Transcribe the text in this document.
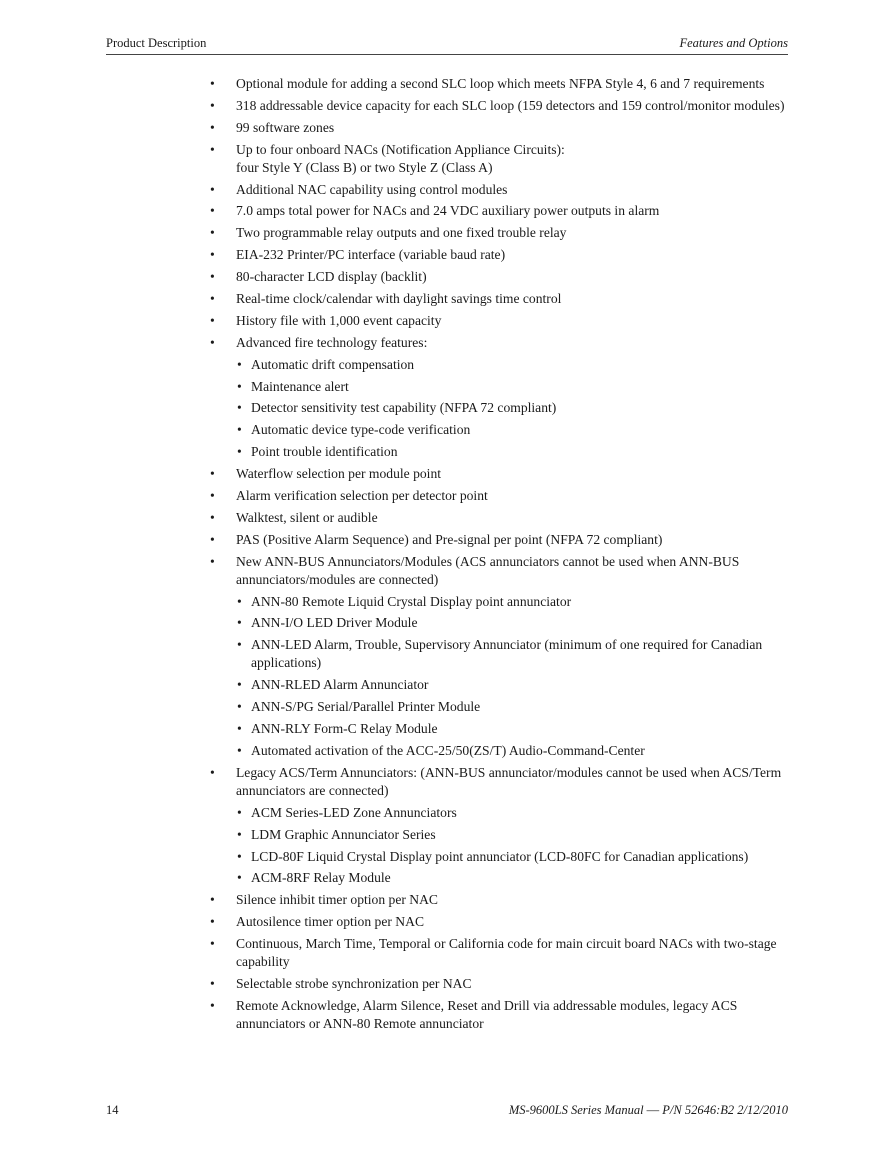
Product Description	Features and Options
• Optional module for adding a second SLC loop which meets NFPA Style 4, 6 and 7 requirements
• 318 addressable device capacity for each SLC loop (159 detectors and 159 control/monitor modules)
• 99 software zones
• Up to four onboard NACs (Notification Appliance Circuits):
four Style Y (Class B) or two Style Z (Class A)
• Additional NAC capability using control modules
• 7.0 amps total power for NACs and 24 VDC auxiliary power outputs in alarm
• Two programmable relay outputs and one fixed trouble relay
• EIA-232 Printer/PC interface (variable baud rate)
• 80-character LCD display (backlit)
• Real-time clock/calendar with daylight savings time control
• History file with 1,000 event capacity
• Advanced fire technology features:
• Automatic drift compensation
• Maintenance alert
• Detector sensitivity test capability (NFPA 72 compliant)
• Automatic device type-code verification
• Point trouble identification
• Waterflow selection per module point
• Alarm verification selection per detector point
• Walktest, silent or audible
• PAS (Positive Alarm Sequence) and Pre-signal per point (NFPA 72 compliant)
• New ANN-BUS Annunciators/Modules (ACS annunciators cannot be used when ANN-BUS annunciators/modules are connected)
• ANN-80 Remote Liquid Crystal Display point annunciator
• ANN-I/O LED Driver Module
• ANN-LED Alarm, Trouble, Supervisory Annunciator (minimum of one required for Canadian applications)
• ANN-RLED Alarm Annunciator
• ANN-S/PG Serial/Parallel Printer Module
• ANN-RLY Form-C Relay Module
• Automated activation of the ACC-25/50(ZS/T) Audio-Command-Center
• Legacy ACS/Term Annunciators: (ANN-BUS annunciator/modules cannot be used when ACS/Term annunciators are connected)
• ACM Series-LED Zone Annunciators
• LDM Graphic Annunciator Series
• LCD-80F Liquid Crystal Display point annunciator (LCD-80FC for Canadian applications)
• ACM-8RF Relay Module
• Silence inhibit timer option per NAC
• Autosilence timer option per NAC
• Continuous, March Time, Temporal or California code for main circuit board NACs with two-stage capability
• Selectable strobe synchronization per NAC
• Remote Acknowledge, Alarm Silence, Reset and Drill via addressable modules, legacy ACS annunciators or ANN-80 Remote annunciator
14	MS-9600LS Series Manual — P/N 52646:B2 2/12/2010
